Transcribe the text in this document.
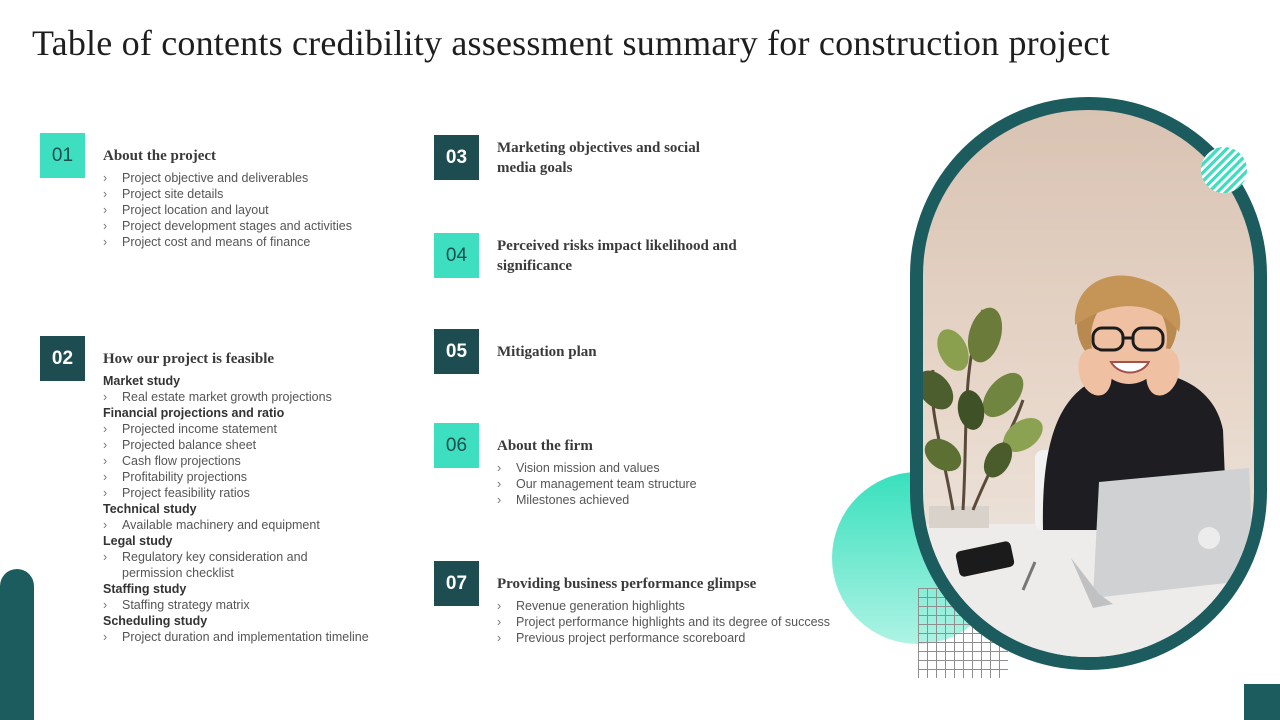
Table of contents credibility assessment summary for construction project
01	About the project
› Project objective and deliverables
› Project site details
› Project location and layout
› Project development stages and activities
› Project cost and means of finance
02	How our project is feasible
Market study
› Real estate market growth projections
Financial projections and ratio
› Projected income statement
› Projected balance sheet
› Cash flow projections
› Profitability projections
› Project feasibility ratios
Technical study
› Available machinery and equipment
Legal study
› Regulatory key consideration and permission checklist
Staffing study
› Staffing strategy matrix
Scheduling study
› Project duration and implementation timeline
03	Marketing objectives and social
media goals
04	Perceived risks impact likelihood and
significance
05	Mitigation plan
06	About the firm
› Vision mission and values
› Our management team structure
› Milestones achieved
07	Providing business performance glimpse
› Revenue generation highlights
› Project performance highlights and its degree of success
› Previous project performance scoreboard
